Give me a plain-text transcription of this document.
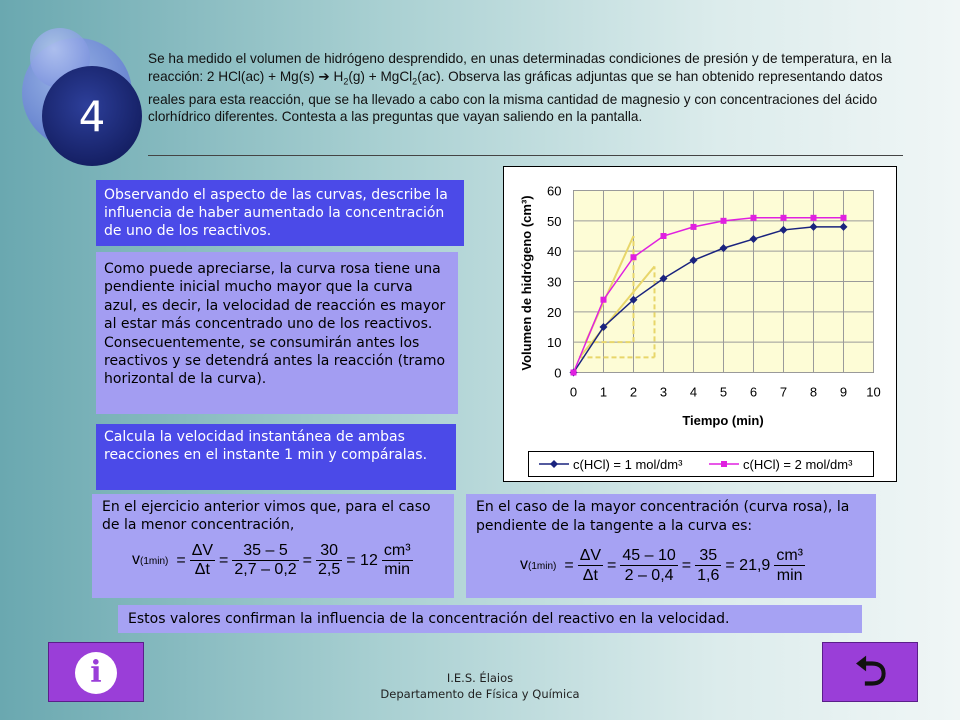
4
Se ha medido el volumen de hidrógeno desprendido, en unas determinadas condiciones de presión y de temperatura, en la reacción: 2 HCl(ac) + Mg(s) ➔ $H_2(g)$ + MgCl$_2$(ac). Observa las gráficas adjuntas que se han obtenido representando datos reales para esta reacción, que se ha llevado a cabo con la misma cantidad de magnesio y con concentraciones del ácido clorhídrico diferentes. Contesta a las preguntas que vayan saliendo en la pantalla.
Observando el aspecto de las curvas, describe la influencia de haber aumentado la concentración de uno de los reactivos.
Como puede apreciarse, la curva rosa tiene una pendiente inicial mucho mayor que la curva azul, es decir, la velocidad de reacción es mayor al estar más concentrado uno de los reactivos. Consecuentemente, se consumirán antes los reactivos y se detendrá antes la reacción (tramo horizontal de la curva).
Calcula la velocidad instantánea de ambas reacciones en el instante 1 min y compáralas.
En el ejercicio anterior vimos que, para el caso de la menor concentración,
$v(1\min) = \frac{\Delta V}{\Delta t} = \frac{35 - 5}{2,7 - 0,2} = \frac{30}{2,5} = 12 \frac{\text{cm³}}{\min}$
En el caso de la mayor concentración (curva rosa), la pendiente de la tangente a la curva es:
$v(1\min) = \frac{\Delta V}{\Delta t} = \frac{45 - 10}{2 - 0,4} = \frac{35}{1,6} = 21,9 \frac{\text{cm³}}{\min}$
Estos valores confirman la influencia de la concentración del reactivo en la velocidad.
0 1 2 3 4 5 6 7 8 9 10
0
10
20
30
40
50
60
Tiempo (min)
Volumen de hidrógeno (cm³)
c(HCl) = 1 mol/dm³	c(HCl) = 2 mol/dm³
i	⮌
I.E.S. Élaios
Departamento de Física y Química
